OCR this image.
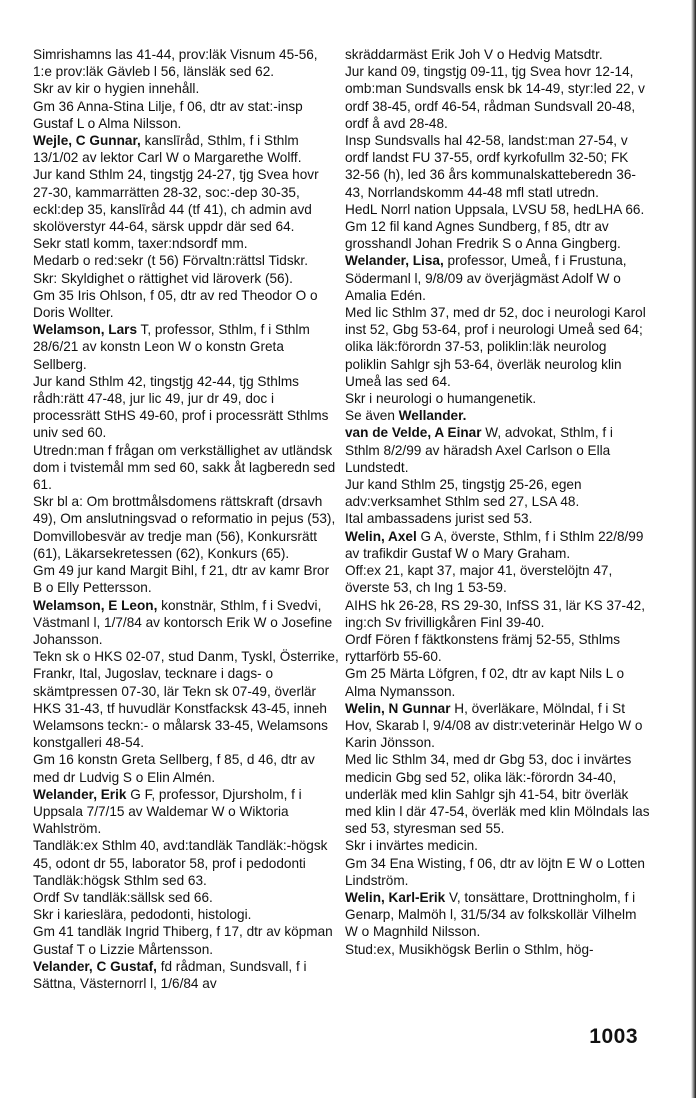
Simrishamns las 41-44, prov:läk Visnum 45-56, 1:e prov:läk Gävleb l 56, länsläk sed 62.

Skr av kir o hygien innehåll.

Gm 36 Anna-Stina Lilje, f 06, dtr av stat:-insp Gustaf L o Alma Nilsson.

Wejle, C Gunnar, kanslīråd, Sthlm, f i Sthlm 13/1/02 av lektor Carl W o Margarethe Wolff.

Jur kand Sthlm 24, tingstjg 24-27, tjg Svea hovr 27-30, kammarrätten 28-32, soc:-dep 30-35, eckl:dep 35, kanslīråd 44 (tf 41), ch admin avd skolöverstyr 44-64, särsk uppdr där sed 64.

Sekr statl komm, taxer:ndsordf mm.

Medarb o red:sekr (t 56) Förvaltn:rättsl Tidskr.

Skr: Skyldighet o rättighet vid läroverk (56).

Gm 35 Iris Ohlson, f 05, dtr av red Theodor O o Doris Wollter.

Welamson, Lars T, professor, Sthlm, f i Sthlm 28/6/21 av konstn Leon W o konstn Greta Sellberg.

Jur kand Sthlm 42, tingstjg 42-44, tjg Sthlms rådh:rätt 47-48, jur lic 49, jur dr 49, doc i processrätt StHS 49-60, prof i processrätt Sthlms univ sed 60.

Utredn:man f frågan om verkställighet av utländsk dom i tvistemål mm sed 60, sakk åt lagberedn sed 61.

Skr bl a: Om brottmålsdomens rättskraft (drsavh 49), Om anslutningsvad o reformatio in pejus (53), Domvillobesvär av tredje man (56), Konkursrätt (61), Läkarsekretessen (62), Konkurs (65).

Gm 49 jur kand Margit Bihl, f 21, dtr av kamr Bror B o Elly Pettersson.

Welamson, E Leon, konstnär, Sthlm, f i Svedvi, Västmanl l, 1/7/84 av kontorsch Erik W o Josefine Johansson.

Tekn sk o HKS 02-07, stud Danm, Tyskl, Österrike, Frankr, Ital, Jugoslav, tecknare i dags- o skämtpressen 07-30, lär Tekn sk 07-49, överlär HKS 31-43, tf huvudlär Konstfacksk 43-45, inneh Welamsons teckn:- o målarsk 33-45, Welamsons konstgalleri 48-54.

Gm 16 konstn Greta Sellberg, f 85, d 46, dtr av med dr Ludvig S o Elin Almén.

Welander, Erik G F, professor, Djursholm, f i Uppsala 7/7/15 av Waldemar W o Wiktoria Wahlström.

Tandläk:ex Sthlm 40, avd:tandläk Tandläk:-högsk 45, odont dr 55, laborator 58, prof i pedodonti Tandläk:högsk Sthlm sed 63.

Ordf Sv tandläk:sällsk sed 66.

Skr i karieslära, pedodonti, histologi.

Gm 41 tandläk Ingrid Thiberg, f 17, dtr av köpman Gustaf T o Lizzie Mårtensson.

Velander, C Gustaf, fd rådman, Sundsvall, f i Sättna, Västernorrl l, 1/6/84 av

skräddarmäst Erik Joh V o Hedvig Matsdtr.

Jur kand 09, tingstjg 09-11, tjg Svea hovr 12-14, omb:man Sundsvalls ensk bk 14-49, styr:led 22, v ordf 38-45, ordf 46-54, rådman Sundsvall 20-48, ordf å avd 28-48.

Insp Sundsvalls hal 42-58, landst:man 27-54, v ordf landst FU 37-55, ordf kyrkofullm 32-50; FK 32-56 (h), led 36 års kommunalskatteberedn 36-43, Norrlandskomm 44-48 mfl statl utredn.

HedL Norrl nation Uppsala, LVSU 58, hedLHA 66.

Gm 12 fil kand Agnes Sundberg, f 85, dtr av grosshandl Johan Fredrik S o Anna Gingberg.

Welander, Lisa, professor, Umeå, f i Frustuna, Södermanl l, 9/8/09 av överjägmäst Adolf W o Amalia Edén.

Med lic Sthlm 37, med dr 52, doc i neurologi Karol inst 52, Gbg 53-64, prof i neurologi Umeå sed 64; olika läk:förordn 37-53, poliklin:läk neurolog poliklin Sahlgr sjh 53-64, överläk neurolog klin Umeå las sed 64.

Skr i neurologi o humangenetik.

Se även Wellander.

van de Velde, A Einar W, advokat, Sthlm, f i Sthlm 8/2/99 av häradsh Axel Carlson o Ella Lundstedt.

Jur kand Sthlm 25, tingstjg 25-26, egen adv:verksamhet Sthlm sed 27, LSA 48.

Ital ambassadens jurist sed 53.

Welin, Axel G A, överste, Sthlm, f i Sthlm 22/8/99 av trafikdir Gustaf W o Mary Graham.

Off:ex 21, kapt 37, major 41, överstelöjtn 47, överste 53, ch Ing 1 53-59.

AIHS hk 26-28, RS 29-30, InfSS 31, lär KS 37-42, ing:ch Sv frivilligkåren Finl 39-40.

Ordf Fören f fäktkonstens främj 52-55, Sthlms ryttarförb 55-60.

Gm 25 Märta Löfgren, f 02, dtr av kapt Nils L o Alma Nymansson.

Welin, N Gunnar H, överläkare, Mölndal, f i St Hov, Skarab l, 9/4/08 av distr:veterinär Helgo W o Karin Jönsson.

Med lic Sthlm 34, med dr Gbg 53, doc i invärtes medicin Gbg sed 52, olika läk:-förordn 34-40, underläk med klin Sahlgr sjh 41-54, bitr överläk med klin l där 47-54, överläk med klin Mölndals las sed 53, styresman sed 55.

Skr i invärtes medicin.

Gm 34 Ena Wisting, f 06, dtr av löjtn E W o Lotten Lindström.

Welin, Karl-Erik V, tonsättare, Drottningholm, f i Genarp, Malmöh l, 31/5/34 av folkskollär Vilhelm W o Magnhild Nilsson.

Stud:ex, Musikhögsk Berlin o Sthlm, hög-

1003
